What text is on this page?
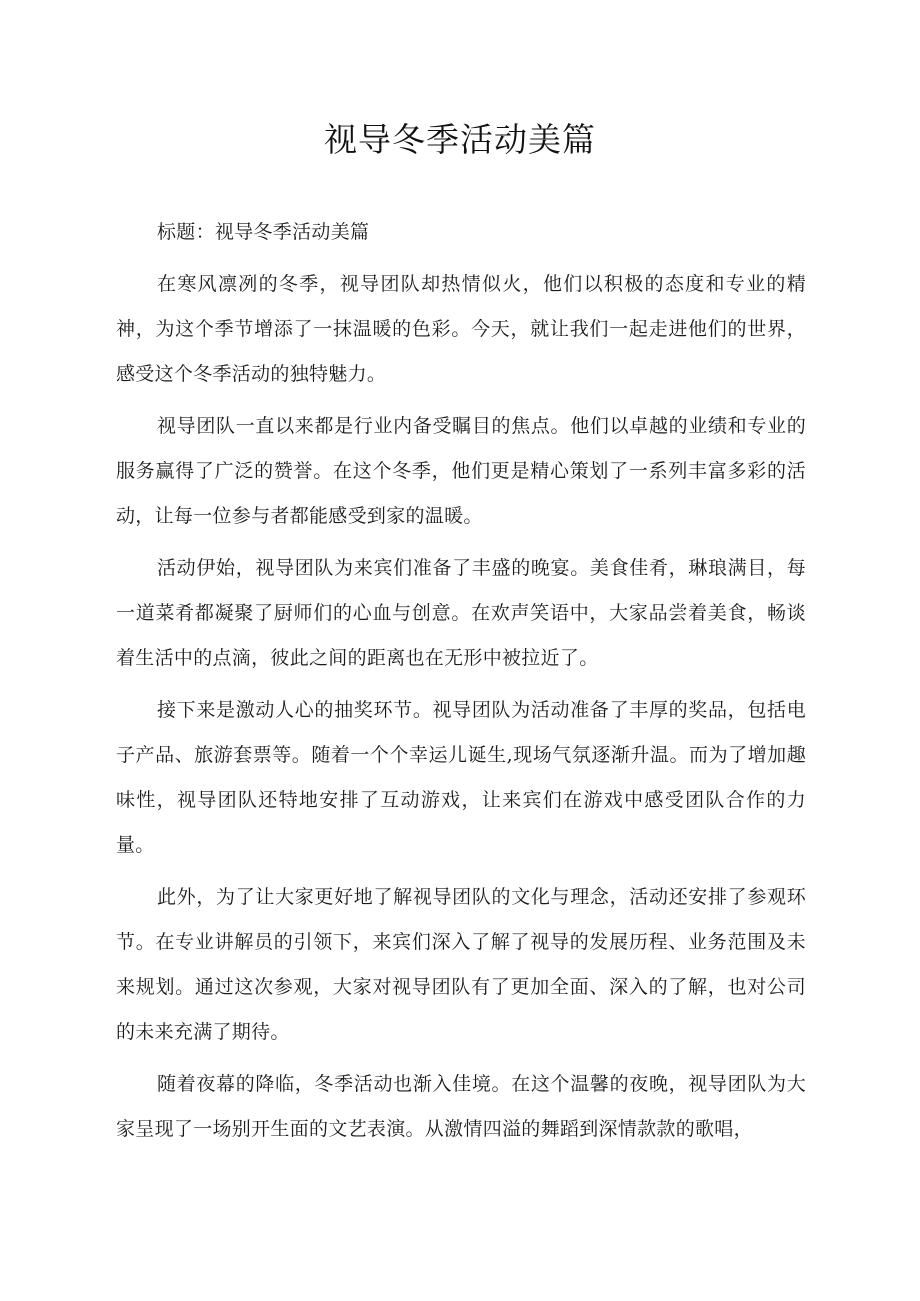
视导冬季活动美篇

标题：视导冬季活动美篇

在寒风凛冽的冬季，视导团队却热情似火，他们以积极的态度和专业的精神，为这个季节增添了一抹温暖的色彩。今天，就让我们一起走进他们的世界，感受这个冬季活动的独特魅力。

视导团队一直以来都是行业内备受瞩目的焦点。他们以卓越的业绩和专业的服务赢得了广泛的赞誉。在这个冬季，他们更是精心策划了一系列丰富多彩的活动，让每一位参与者都能感受到家的温暖。

活动伊始，视导团队为来宾们准备了丰盛的晚宴。美食佳肴，琳琅满目，每一道菜肴都凝聚了厨师们的心血与创意。在欢声笑语中，大家品尝着美食，畅谈着生活中的点滴，彼此之间的距离也在无形中被拉近了。

接下来是激动人心的抽奖环节。视导团队为活动准备了丰厚的奖品，包括电子产品、旅游套票等。随着一个个幸运儿诞生,现场气氛逐渐升温。而为了增加趣味性，视导团队还特地安排了互动游戏，让来宾们在游戏中感受团队合作的力量。

此外，为了让大家更好地了解视导团队的文化与理念，活动还安排了参观环节。在专业讲解员的引领下，来宾们深入了解了视导的发展历程、业务范围及未来规划。通过这次参观，大家对视导团队有了更加全面、深入的了解，也对公司的未来充满了期待。

随着夜幕的降临，冬季活动也渐入佳境。在这个温馨的夜晚，视导团队为大家呈现了一场别开生面的文艺表演。从激情四溢的舞蹈到深情款款的歌唱，
